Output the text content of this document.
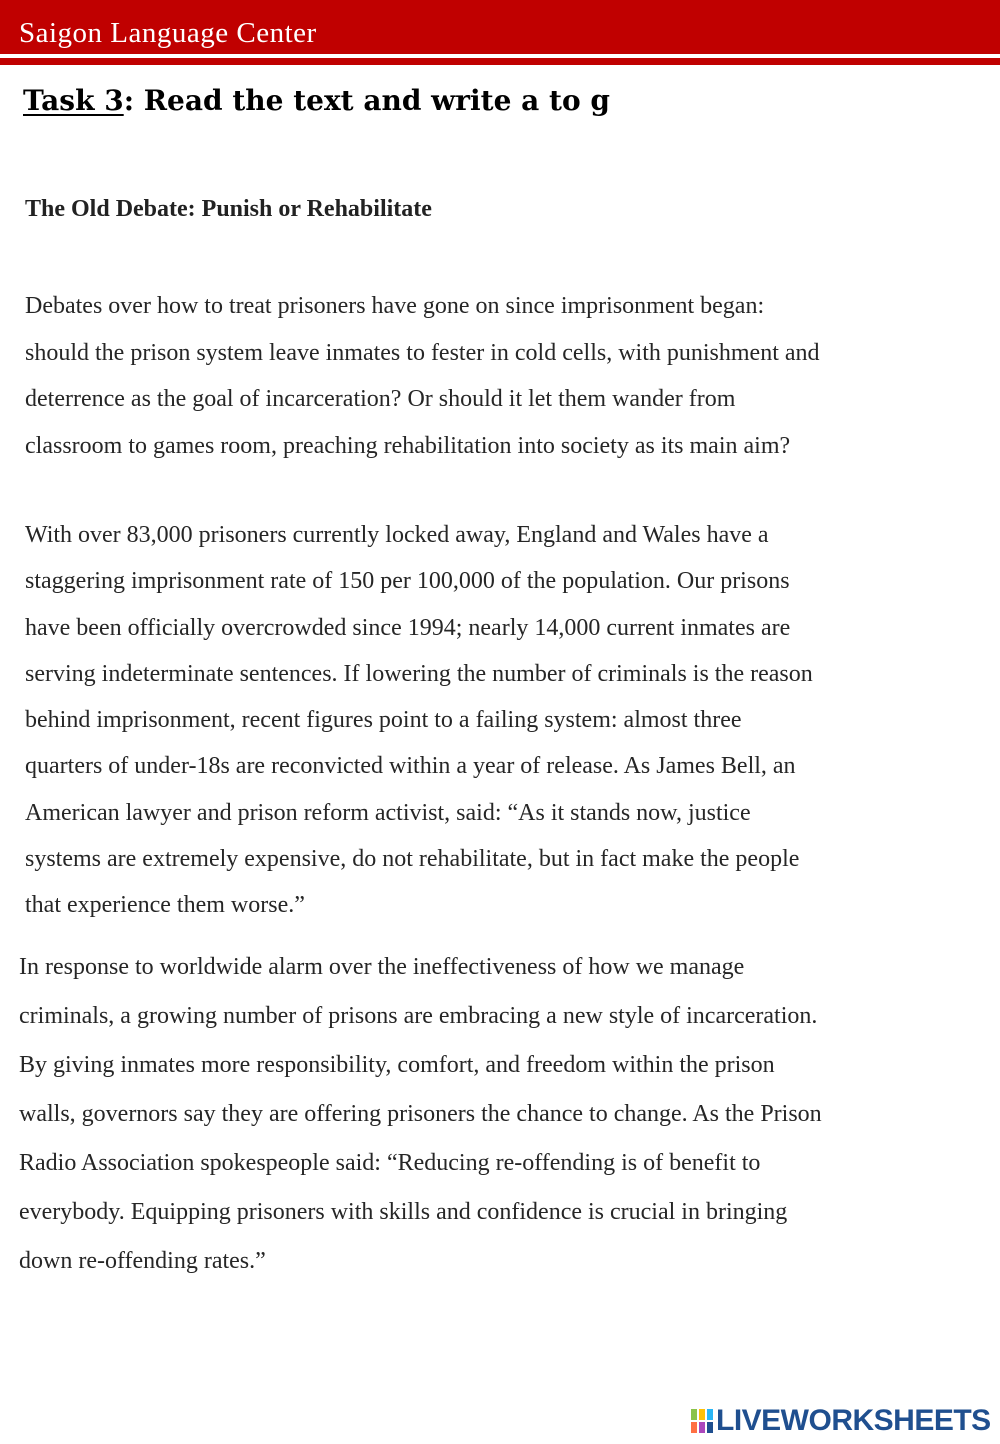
Saigon Language Center
Task 3: Read the text and write a to g
The Old Debate: Punish or Rehabilitate
Debates over how to treat prisoners have gone on since imprisonment began:
should the prison system leave inmates to fester in cold cells, with punishment and
deterrence as the goal of incarceration? Or should it let them wander from
classroom to games room, preaching rehabilitation into society as its main aim?
With over 83,000 prisoners currently locked away, England and Wales have a
staggering imprisonment rate of 150 per 100,000 of the population. Our prisons
have been officially overcrowded since 1994; nearly 14,000 current inmates are
serving indeterminate sentences. If lowering the number of criminals is the reason
behind imprisonment, recent figures point to a failing system: almost three
quarters of under-18s are reconvicted within a year of release. As James Bell, an
American lawyer and prison reform activist, said: “As it stands now, justice
systems are extremely expensive, do not rehabilitate, but in fact make the people
that experience them worse.”
In response to worldwide alarm over the ineffectiveness of how we manage
criminals, a growing number of prisons are embracing a new style of incarceration.
By giving inmates more responsibility, comfort, and freedom within the prison
walls, governors say they are offering prisoners the chance to change. As the Prison
Radio Association spokespeople said: “Reducing re-offending is of benefit to
everybody. Equipping prisoners with skills and confidence is crucial in bringing
down re-offending rates.”
LIVEWORKSHEETS
